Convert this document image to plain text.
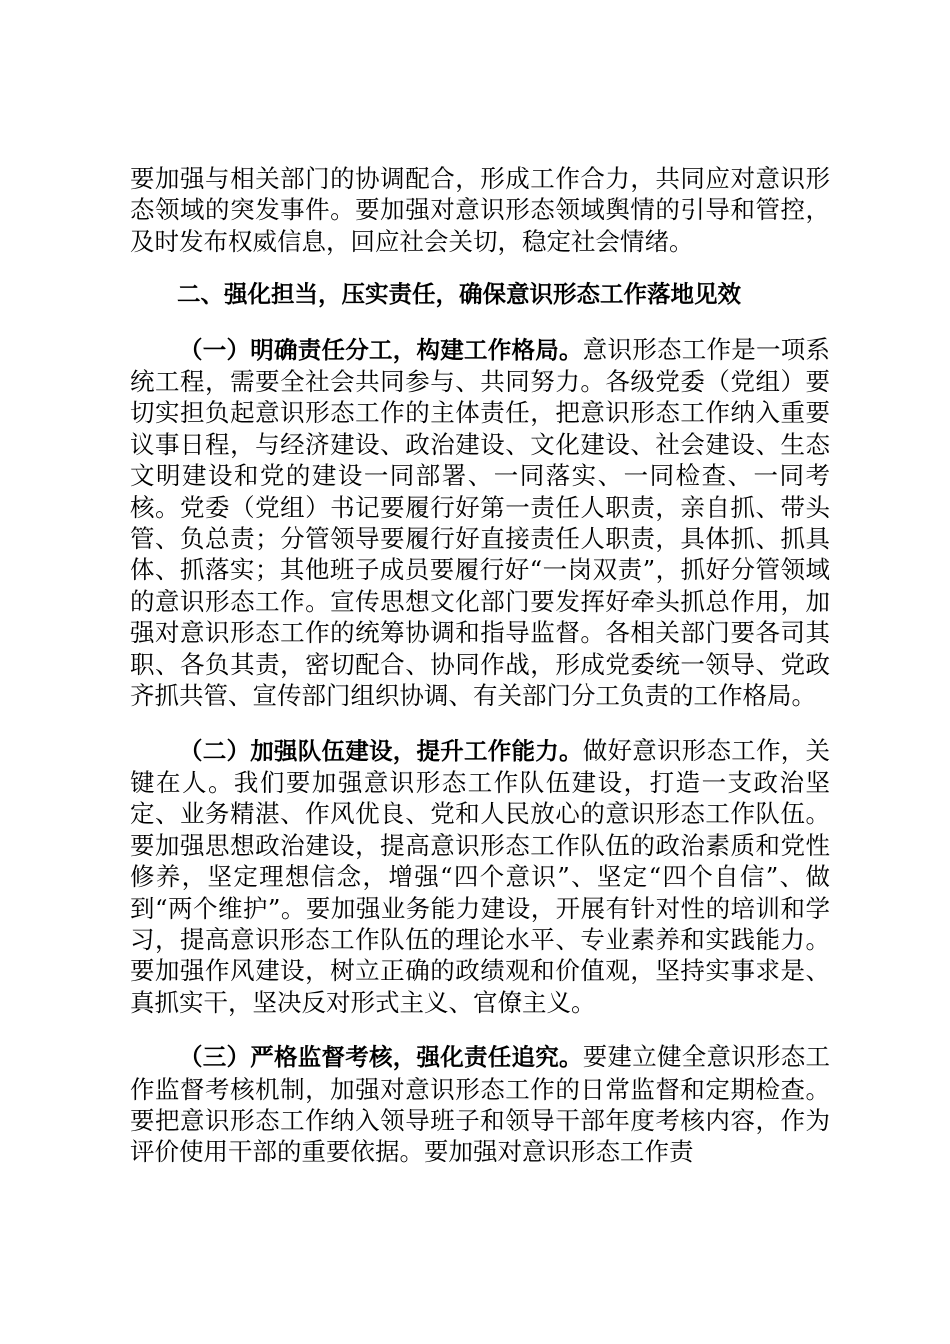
要加强与相关部门的协调配合，形成工作合力，共同应对意识形态领域的突发事件。要加强对意识形态领域舆情的引导和管控，及时发布权威信息，回应社会关切，稳定社会情绪。

二、强化担当，压实责任，确保意识形态工作落地见效

（一）明确责任分工，构建工作格局。意识形态工作是一项系统工程，需要全社会共同参与、共同努力。各级党委（党组）要切实担负起意识形态工作的主体责任，把意识形态工作纳入重要议事日程，与经济建设、政治建设、文化建设、社会建设、生态文明建设和党的建设一同部署、一同落实、一同检查、一同考核。党委（党组）书记要履行好第一责任人职责，亲自抓、带头管、负总责；分管领导要履行好直接责任人职责，具体抓、抓具体、抓落实；其他班子成员要履行好“一岗双责”，抓好分管领域的意识形态工作。宣传思想文化部门要发挥好牵头抓总作用，加强对意识形态工作的统筹协调和指导监督。各相关部门要各司其职、各负其责，密切配合、协同作战，形成党委统一领导、党政齐抓共管、宣传部门组织协调、有关部门分工负责的工作格局。

（二）加强队伍建设，提升工作能力。做好意识形态工作，关键在人。我们要加强意识形态工作队伍建设，打造一支政治坚定、业务精湛、作风优良、党和人民放心的意识形态工作队伍。要加强思想政治建设，提高意识形态工作队伍的政治素质和党性修养，坚定理想信念，增强“四个意识”、坚定“四个自信”、做到“两个维护”。要加强业务能力建设，开展有针对性的培训和学习，提高意识形态工作队伍的理论水平、专业素养和实践能力。要加强作风建设，树立正确的政绩观和价值观，坚持实事求是、真抓实干，坚决反对形式主义、官僚主义。

（三）严格监督考核，强化责任追究。要建立健全意识形态工作监督考核机制，加强对意识形态工作的日常监督和定期检查。要把意识形态工作纳入领导班子和领导干部年度考核内容，作为评价使用干部的重要依据。要加强对意识形态工作责
